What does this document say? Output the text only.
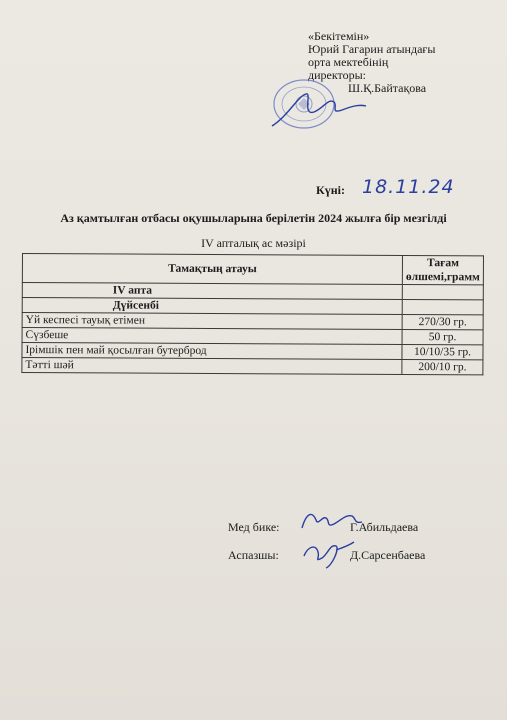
«Бекітемін»
Юрий Гагарин атындағы
орта мектебінің
директоры:
Ш.Қ.Байтақова
Күні: 18.11.24
Аз қамтылған отбасы оқушыларына берілетін 2024 жылға бір мезгілді
IV апталық ас мәзірі
Тамақтың атауы	Тағам өлшемі,грамм
IV апта	
Дүйсенбі	
Үй кеспесі тауық етімен	270/30 гр.
Сүзбеше	50 гр.
Ірімшік пен май қосылған бутерброд	10/10/35 гр.
Тәтті шәй	200/10 гр.
Мед бике:	Г.Абильдаева
Аспазшы:	Д.Сарсенбаева
